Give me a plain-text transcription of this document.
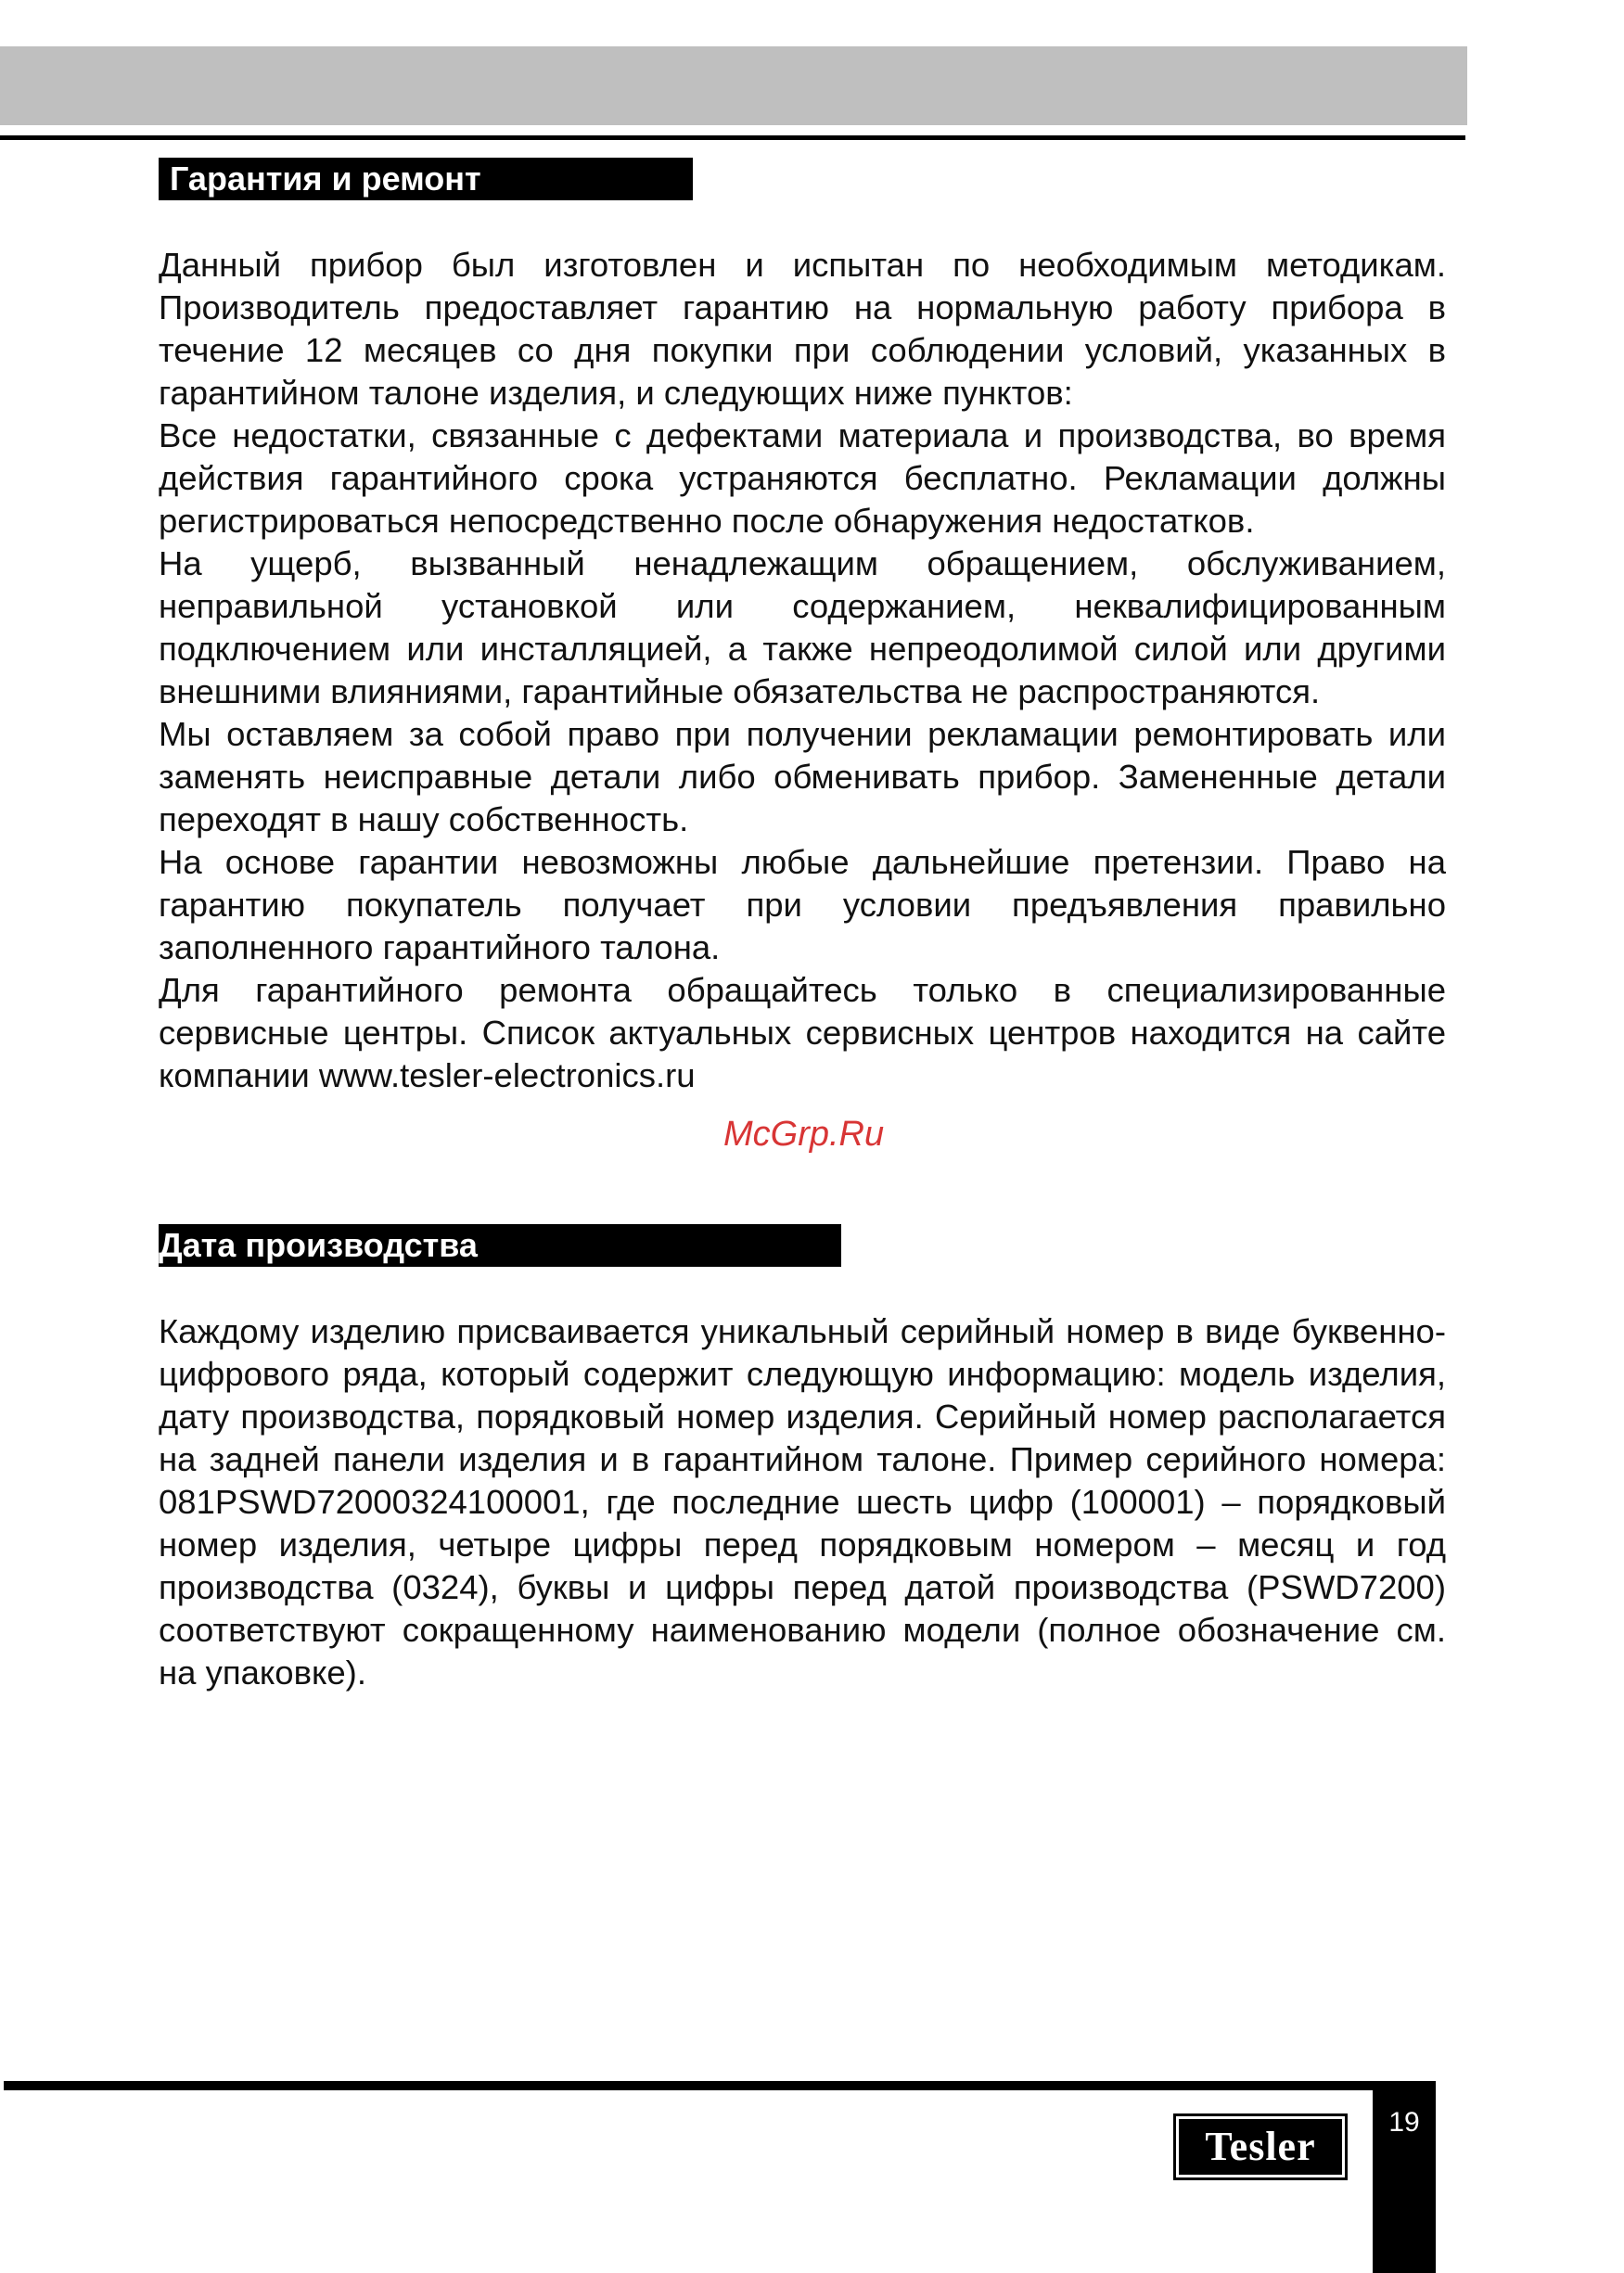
Гарантия и ремонт

Данный прибор был изготовлен и испытан по необходимым методикам. Производитель предоставляет гарантию на нормальную работу прибора в течение 12 месяцев со дня покупки при соблюдении условий, указанных в гарантийном талоне изделия, и следующих ниже пунктов:

Все недостатки, связанные с дефектами материала и производства, во время действия гарантийного срока устраняются бесплатно. Рекламации должны регистрироваться непосредственно после обнаружения недостатков.

На ущерб, вызванный ненадлежащим обращением, обслуживанием, неправильной установкой или содержанием, неквалифицированным подключением или инсталляцией, а также непреодолимой силой или другими внешними влияниями, гарантийные обязательства не распространяются.

Мы оставляем за собой право при получении рекламации ремонтировать или заменять неисправные детали либо обменивать прибор. Замененные детали переходят в нашу собственность.

На основе гарантии невозможны любые дальнейшие претензии. Право на гарантию покупатель получает при условии предъявления правильно заполненного гарантийного талона.

Для гарантийного ремонта обращайтесь только в специализированные сервисные центры. Список актуальных сервисных центров находится на сайте компании www.tesler-electronics.ru

McGrp.Ru
Дата производства

Каждому изделию присваивается уникальный серийный номер в виде буквенно-цифрового ряда, который содержит следующую информацию: модель изделия, дату производства, порядковый номер изделия. Серийный номер располагается на задней панели изделия и в гарантийном талоне. Пример серийного номера: 081PSWD72000324100001, где последние шесть цифр (100001) – порядковый номер изделия, четыре цифры перед порядковым номером – месяц и год производства (0324), буквы и цифры перед датой производства (PSWD7200) соответствуют сокращенному наименованию модели (полное обозначение см. на упаковке).

19
Tesler
